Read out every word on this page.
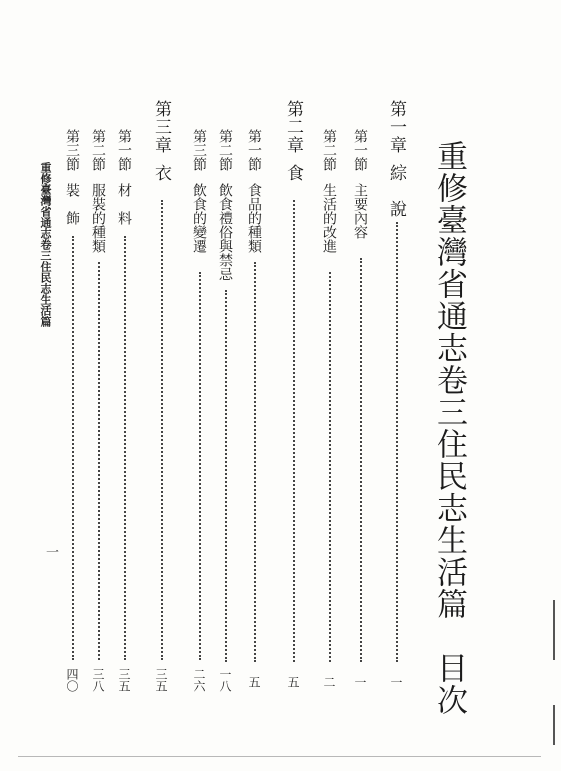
重修臺灣省通志卷三住民志生活篇　目次
第一章
綜　說
一
第一節
主要內容
一
第二節
生活的改進
二
第二章
食
五
第一節
食品的種類
五
第二節
飲食禮俗與禁忌
一八
第三節
飲食的變遷
二六
第三章
衣
三五
第一節
材　料
三五
第二節
服裝的種類
三八
第三節
裝　飾
四〇
重修臺灣省通志卷三住民志生活篇
一
